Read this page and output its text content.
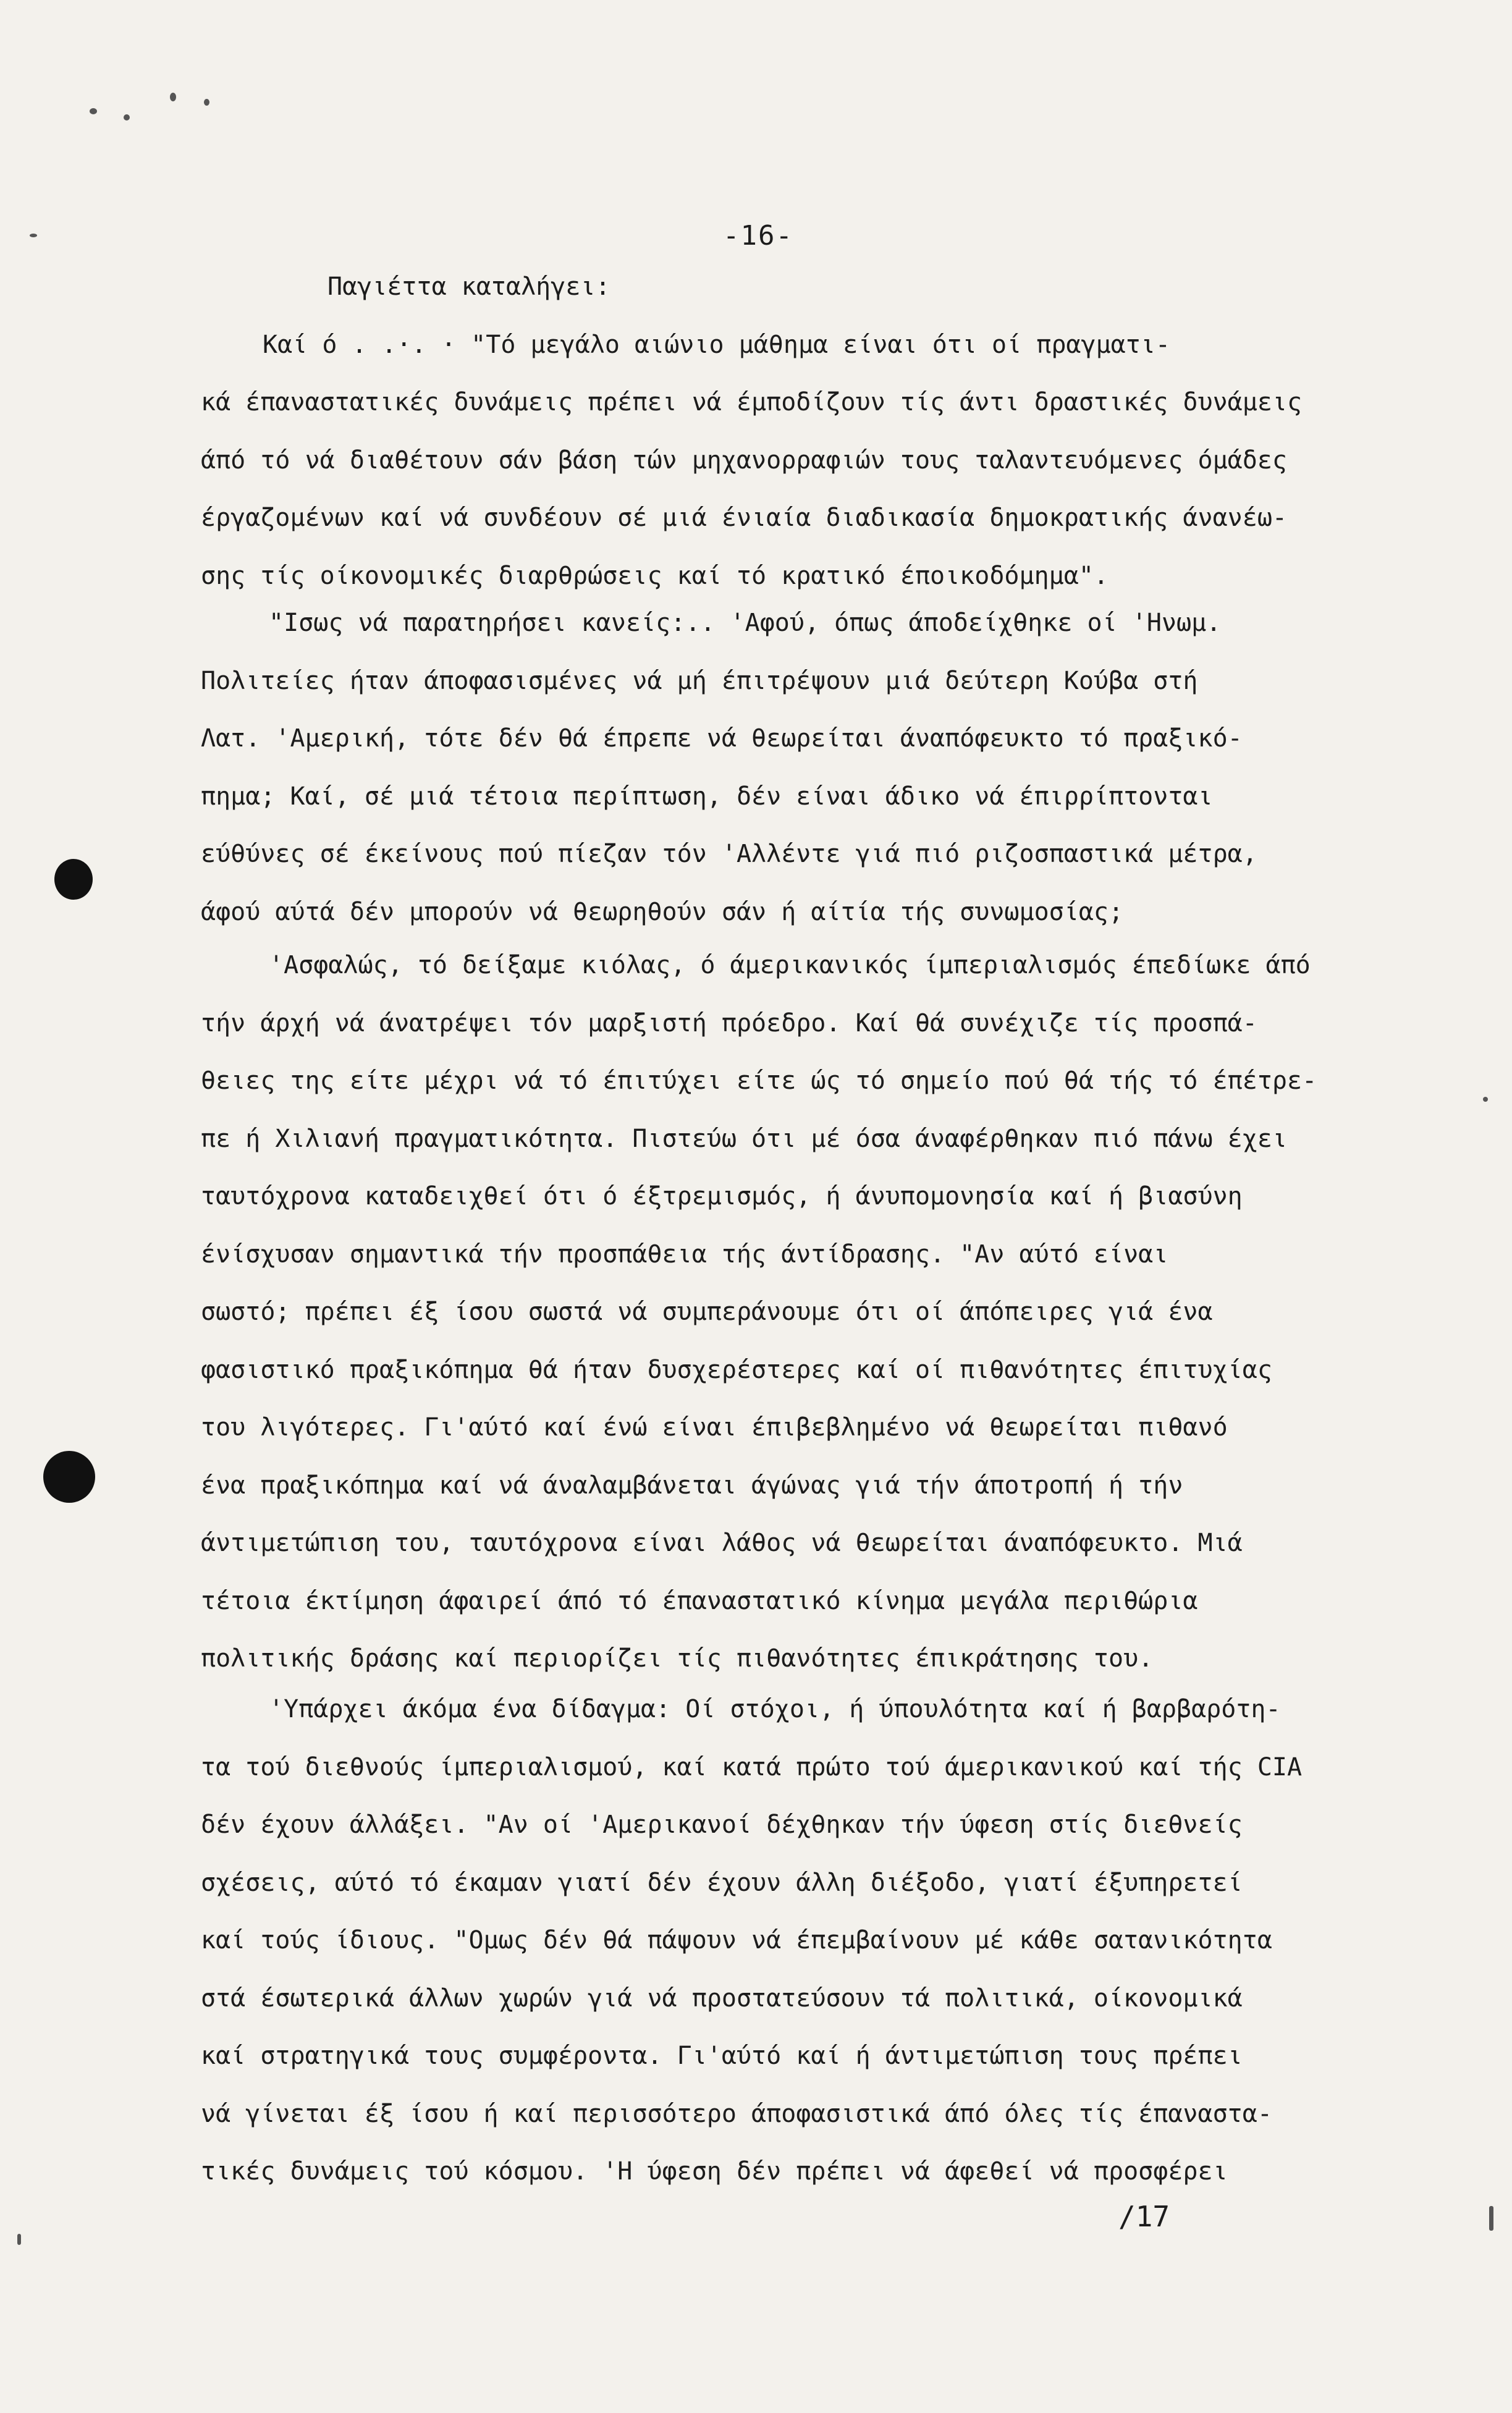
-16-
Παγιέττα καταλήγει:
Καί ό . .·. · "Τό μεγάλο αιώνιο μάθημα είναι ότι οί πραγματι-
κά έπαναστατικές δυνάμεις πρέπει νά έμποδίζουν τίς άντι δραστικές δυνάμεις
άπό τό νά διαθέτουν σάν βάση τών μηχανορραφιών τους ταλαντευόμενες όμάδες
έργαζομένων καί νά συνδέουν σέ μιά ένιαία διαδικασία δημοκρατικής άνανέω-
σης τίς οίκονομικές διαρθρώσεις καί τό κρατικό έποικοδόμημα".
"Ισως νά παρατηρήσει κανείς:.. 'Αφού, όπως άποδείχθηκε οί 'Ηνωμ.
Πολιτείες ήταν άποφασισμένες νά μή έπιτρέψουν μιά δεύτερη Κούβα στή
Λατ. 'Αμερική, τότε δέν θά έπρεπε νά θεωρείται άναπόφευκτο τό πραξικό-
πημα; Καί, σέ μιά τέτοια περίπτωση, δέν είναι άδικο νά έπιρρίπτονται
εύθύνες σέ έκείνους πού πίεζαν τόν 'Αλλέντε γιά πιό ριζοσπαστικά μέτρα,
άφού αύτά δέν μπορούν νά θεωρηθούν σάν ή αίτία τής συνωμοσίας;
'Ασφαλώς, τό δείξαμε κιόλας, ό άμερικανικός ίμπεριαλισμός έπεδίωκε άπό
τήν άρχή νά άνατρέψει τόν μαρξιστή πρόεδρο. Καί θά συνέχιζε τίς προσπά-
θειες της είτε μέχρι νά τό έπιτύχει είτε ώς τό σημείο πού θά τής τό έπέτρε-
πε ή Χιλιανή πραγματικότητα. Πιστεύω ότι μέ όσα άναφέρθηκαν πιό πάνω έχει
ταυτόχρονα καταδειχθεί ότι ό έξτρεμισμός, ή άνυπομονησία καί ή βιασύνη
ένίσχυσαν σημαντικά τήν προσπάθεια τής άντίδρασης. "Αν αύτό είναι
σωστό; πρέπει έξ ίσου σωστά νά συμπεράνουμε ότι οί άπόπειρες γιά ένα
φασιστικό πραξικόπημα θά ήταν δυσχερέστερες καί οί πιθανότητες έπιτυχίας
του λιγότερες. Γι'αύτό καί ένώ είναι έπιβεβλημένο νά θεωρείται πιθανό
ένα πραξικόπημα καί νά άναλαμβάνεται άγώνας γιά τήν άποτροπή ή τήν
άντιμετώπιση του, ταυτόχρονα είναι λάθος νά θεωρείται άναπόφευκτο. Μιά
τέτοια έκτίμηση άφαιρεί άπό τό έπαναστατικό κίνημα μεγάλα περιθώρια
πολιτικής δράσης καί περιορίζει τίς πιθανότητες έπικράτησης του.
'Υπάρχει άκόμα ένα δίδαγμα: Οί στόχοι, ή ύπουλότητα καί ή βαρβαρότη-
τα τού διεθνούς ίμπεριαλισμού, καί κατά πρώτο τού άμερικανικού καί τής CIA
δέν έχουν άλλάξει. "Αν οί 'Αμερικανοί δέχθηκαν τήν ύφεση στίς διεθνείς
σχέσεις, αύτό τό έκαμαν γιατί δέν έχουν άλλη διέξοδο, γιατί έξυπηρετεί
καί τούς ίδιους. "Ομως δέν θά πάψουν νά έπεμβαίνουν μέ κάθε σατανικότητα
στά έσωτερικά άλλων χωρών γιά νά προστατεύσουν τά πολιτικά, οίκονομικά
καί στρατηγικά τους συμφέροντα. Γι'αύτό καί ή άντιμετώπιση τους πρέπει
νά γίνεται έξ ίσου ή καί περισσότερο άποφασιστικά άπό όλες τίς έπαναστα-
τικές δυνάμεις τού κόσμου. 'Η ύφεση δέν πρέπει νά άφεθεί νά προσφέρει
/17
